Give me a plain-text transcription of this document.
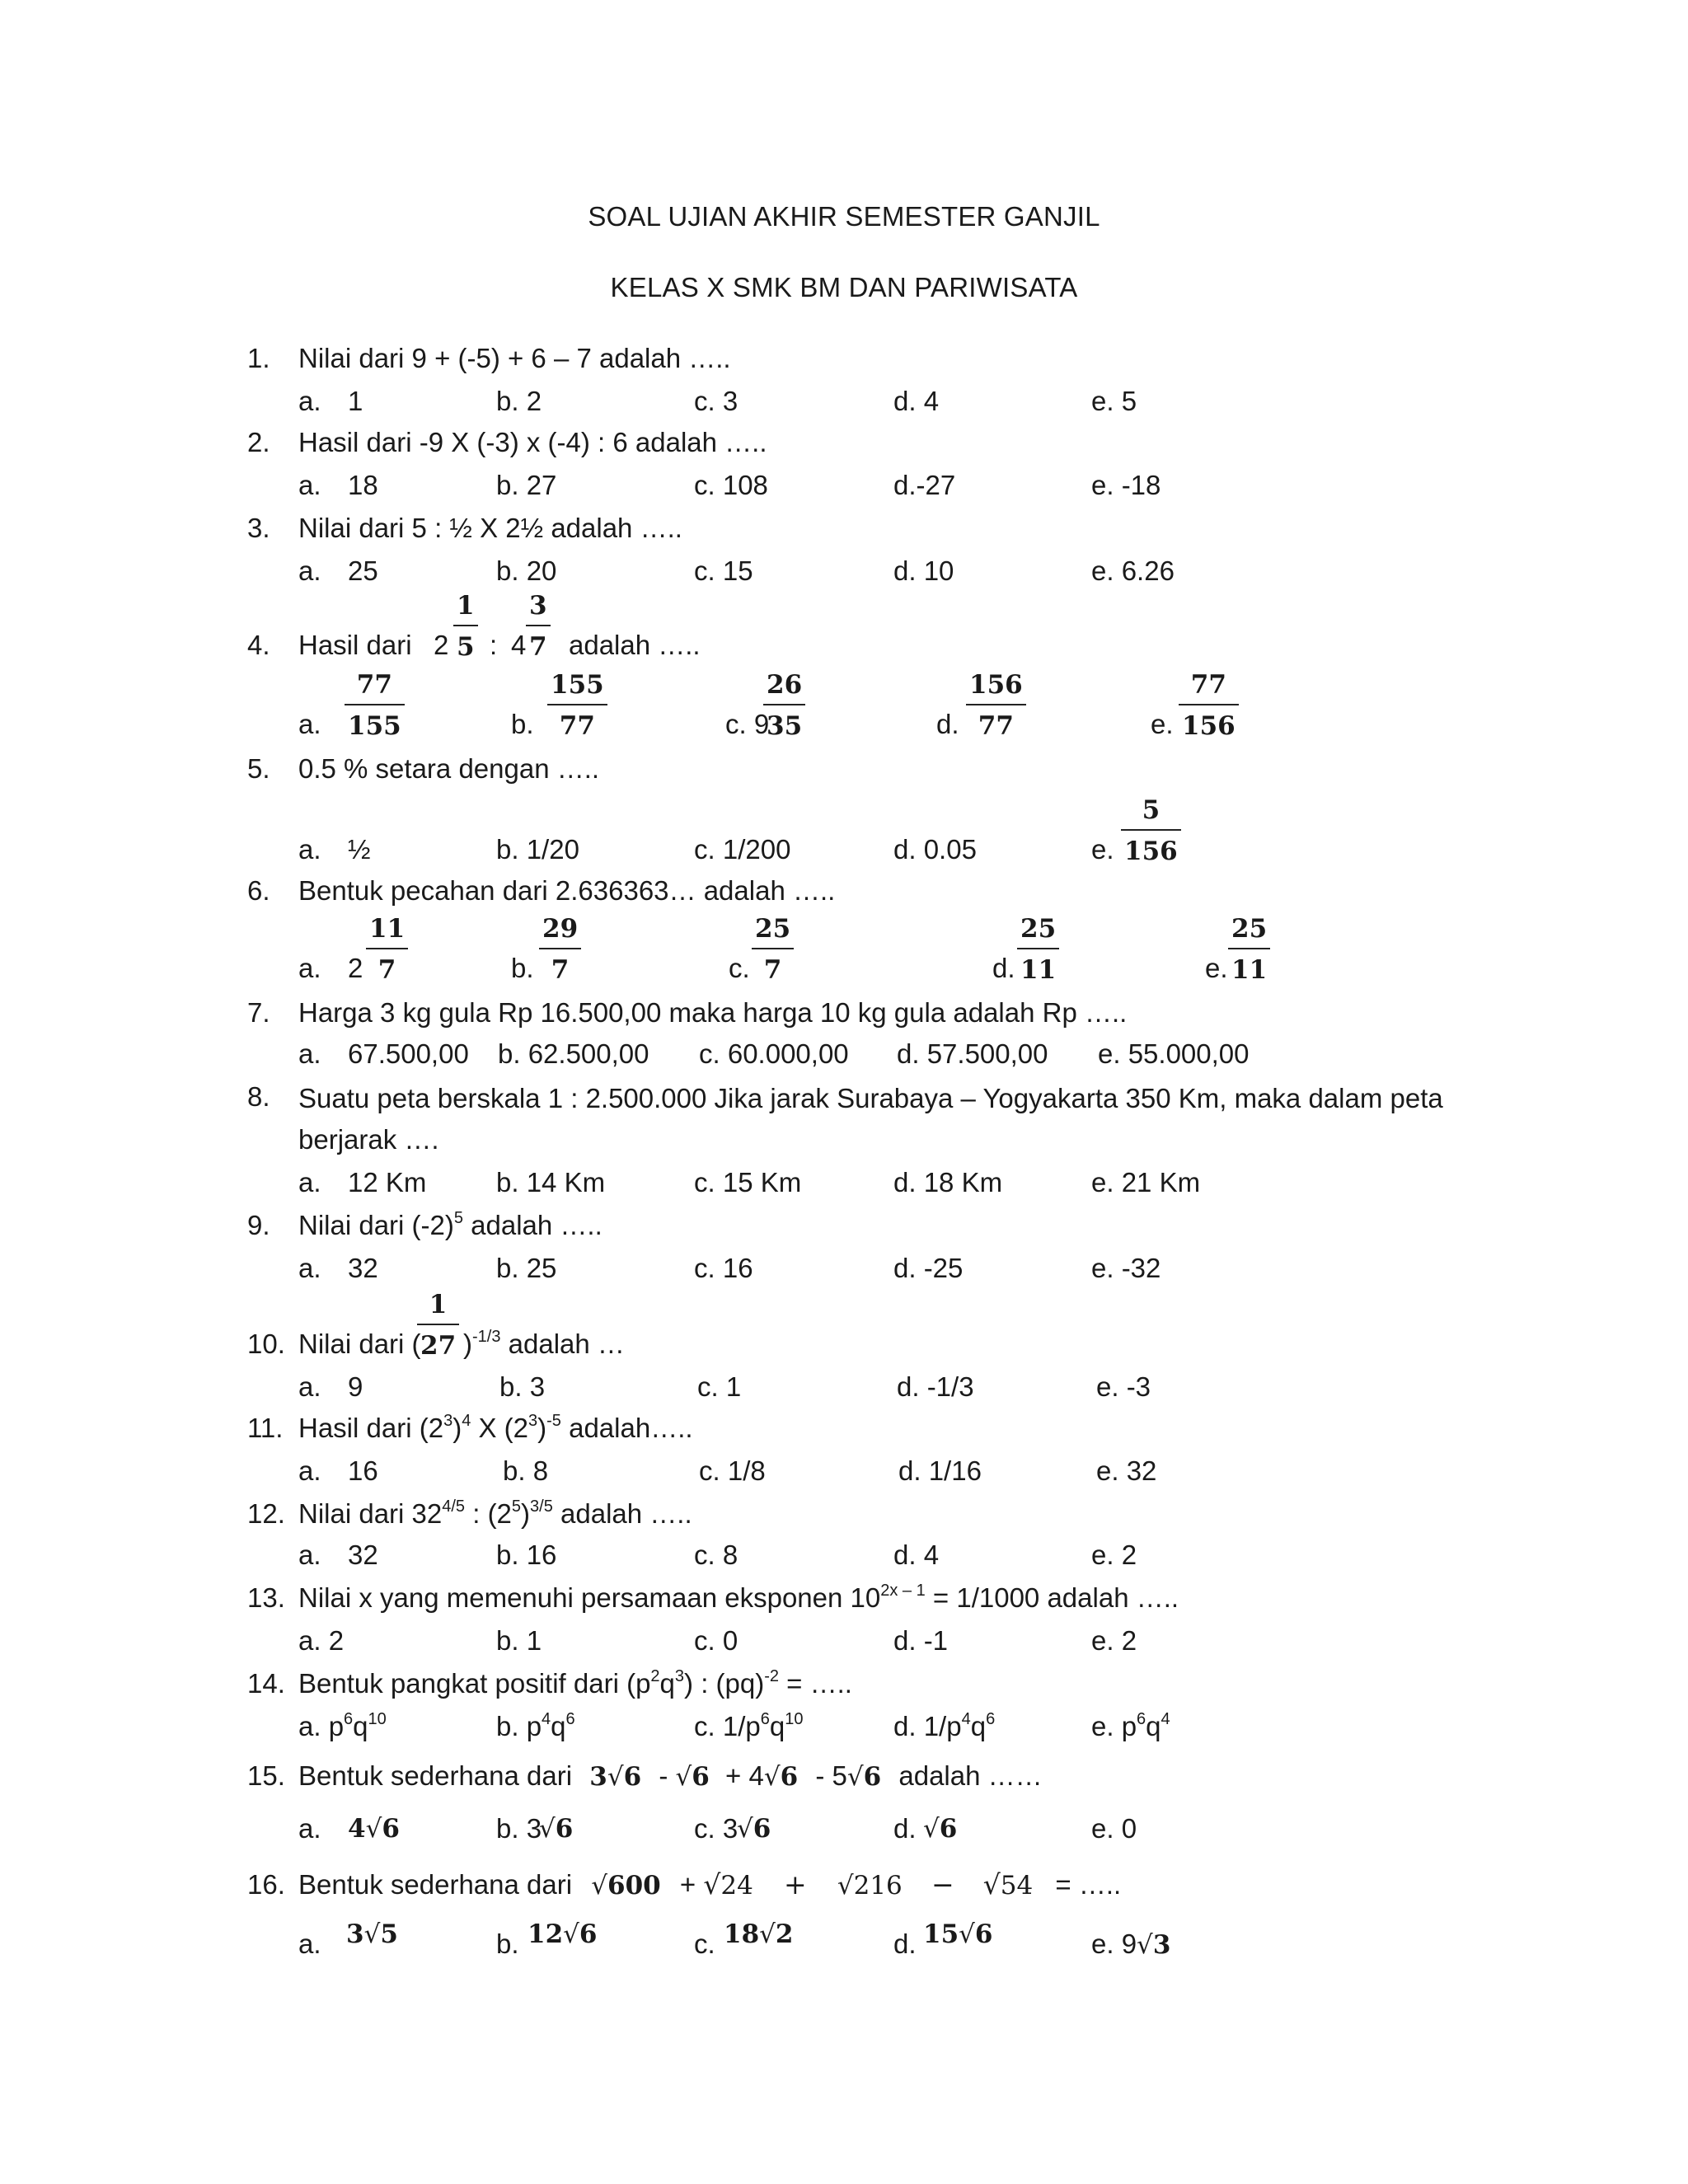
SOAL UJIAN AKHIR SEMESTER GANJIL
KELAS X SMK BM DAN PARIWISATA
1. Nilai dari 9 + (-5) + 6 – 7 adalah …..
a. 1	b. 2	c. 3	d. 4	e. 5
2. Hasil dari -9 X (-3) x (-4) : 6 adalah …..
a. 18	b. 27	c. 108	d.-27	e. -18
3. Nilai dari 5 : ½ X 2½ adalah …..
a. 25	b. 20	c. 15	d. 10	e. 6.26
4. Hasil dari $2 \frac{1}{5}$ : $4 \frac{3}{7}$ adalah …..
a. $\frac{77}{155}$	b. $\frac{155}{77}$	c. 9
$\frac{26}{35}$	d. $\frac{156}{77}$	e. $\frac{77}{156}$
5. 0.5 % setara dengan …..
a. ½	b. 1/20	c. 1/200	d. 0.05	e. $\frac{5}{156}$
6. Bentuk pecahan dari 2.636363… adalah …..
a. $2 \frac{11}{7}$	b. $\frac{29}{7}$	c. $\frac{25}{7}$	d. $\frac{25}{11}$	e. $\frac{25}{11}$
7. Harga 3 kg gula Rp 16.500,00 maka harga 10 kg gula adalah Rp …..
a. 67.500,00 b. 62.500,00 c. 60.000,00 d. 57.500,00 e. 55.000,00
8. Suatu peta berskala 1 : 2.500.000 Jika jarak Surabaya – Yogyakarta 350 Km, maka dalam peta berjarak ….
a. 12 Km	b. 14 Km	c. 15 Km	d. 18 Km	e. 21 Km
9. Nilai dari $(-2)^5$ adalah …..
a. 32	b. 25	c. 16	d. -25	e. -32
10. Nilai dari (
$\frac{1}{27} )^{-1/3}$ adalah …
a. 9	b. 3	c. 1	d. -1/3	e. -3
11. Hasil dari $(2^3)^4$ X $(2^3)^{-5}$ adalah…..
a. 16	b. 8	c. 1/8	d. 1/16	e. 32
12. Nilai dari $32^{4/5}$ : $(2^5)^{3/5}$ adalah …..
a. 32	b. 16	c. 8	d. 4	e. 2
13. Nilai x yang memenuhi persamaan eksponen $10^{2x - 1} = 1/1000$ adalah …..
a. 2	b. 1	c. 0	d. -1	e. 2
14. Bentuk pangkat positif dari $(p^2q^3)$ : (pq)$^{-2}$ = …..
a. $p^6q^{10}$	b. $p^4q^6$	c. $1/p^6q^{10}$	d. $1/p^4q^6$	e. $p^6q^4$
15. Bentuk sederhana dari 3√6 - √6 + 4√6 - 5√6 adalah ……
a. 4√6	b. 3
√6	c. 3
√6	d. √6	e. 0
16. Bentuk sederhana dari √600 + √24 + √216 − √54 = …..
a. 3√5	b. 12√6	c. 18√2	d. 15√6	e. 9√3
